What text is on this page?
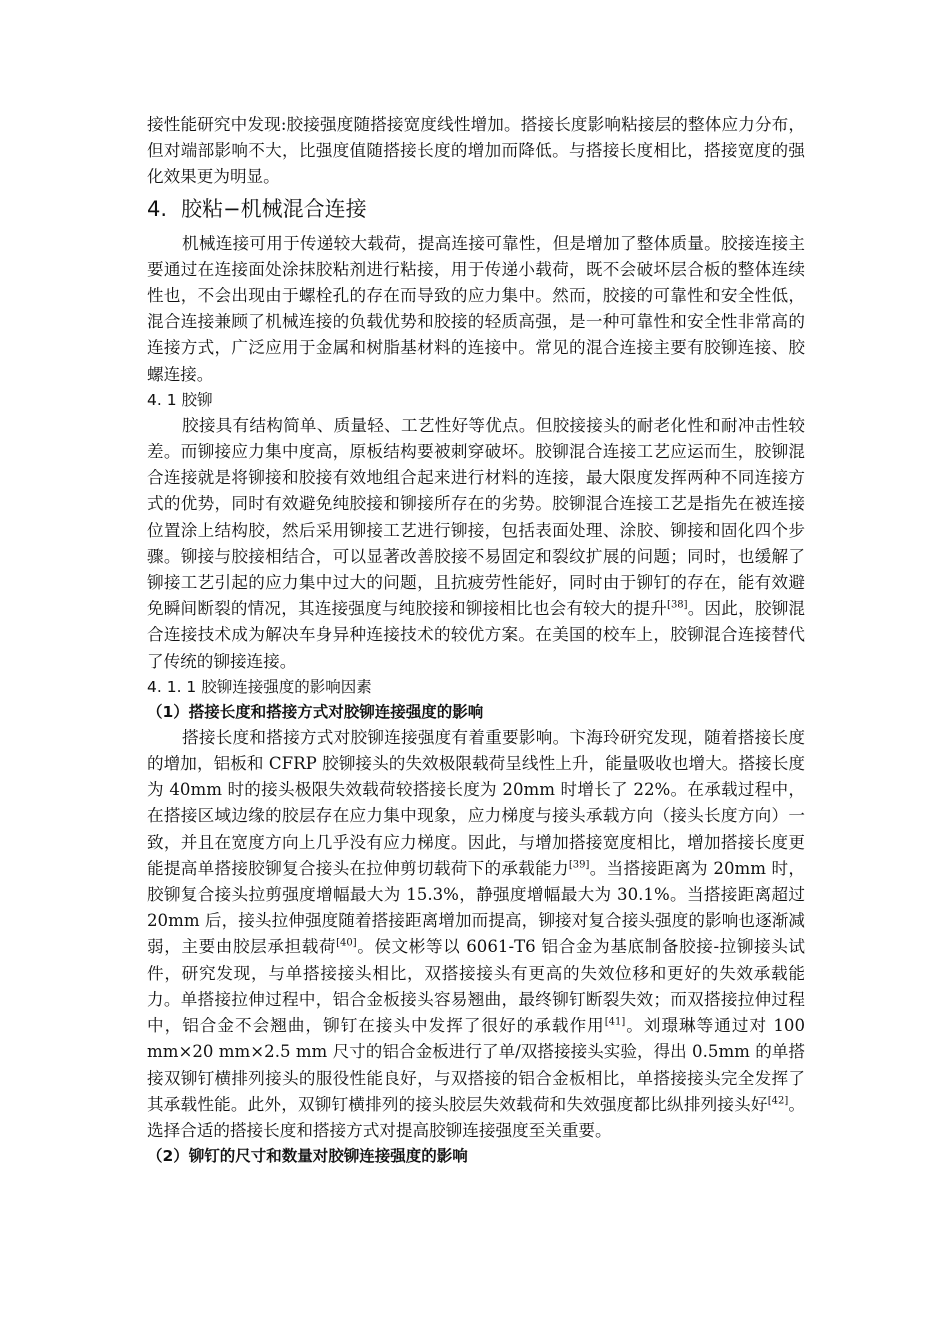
接性能研究中发现:胶接强度随搭接宽度线性增加。搭接长度影响粘接层的整体应力分布，但对端部影响不大，比强度值随搭接长度的增加而降低。与搭接长度相比，搭接宽度的强化效果更为明显。

4. 胶粘−机械混合连接

机械连接可用于传递较大载荷，提高连接可靠性，但是增加了整体质量。胶接连接主要通过在连接面处涂抹胶粘剂进行粘接，用于传递小载荷，既不会破坏层合板的整体连续性也，不会出现由于螺栓孔的存在而导致的应力集中。然而，胶接的可靠性和安全性低，混合连接兼顾了机械连接的负载优势和胶接的轻质高强，是一种可靠性和安全性非常高的连接方式，广泛应用于金属和树脂基材料的连接中。常见的混合连接主要有胶铆连接、胶螺连接。

4. 1 胶铆

胶接具有结构简单、质量轻、工艺性好等优点。但胶接接头的耐老化性和耐冲击性较差。而铆接应力集中度高，原板结构要被刺穿破坏。胶铆混合连接工艺应运而生，胶铆混合连接就是将铆接和胶接有效地组合起来进行材料的连接，最大限度发挥两种不同连接方式的优势，同时有效避免纯胶接和铆接所存在的劣势。胶铆混合连接工艺是指先在被连接位置涂上结构胶，然后采用铆接工艺进行铆接，包括表面处理、涂胶、铆接和固化四个步骤。铆接与胶接相结合，可以显著改善胶接不易固定和裂纹扩展的问题；同时，也缓解了铆接工艺引起的应力集中过大的问题，且抗疲劳性能好，同时由于铆钉的存在，能有效避免瞬间断裂的情况，其连接强度与纯胶接和铆接相比也会有较大的提升[38]。因此，胶铆混合连接技术成为解决车身异种连接技术的较优方案。在美国的校车上，胶铆混合连接替代了传统的铆接连接。

4. 1. 1 胶铆连接强度的影响因素
（1）搭接长度和搭接方式对胶铆连接强度的影响

搭接长度和搭接方式对胶铆连接强度有着重要影响。卞海玲研究发现，随着搭接长度的增加，铝板和 CFRP 胶铆接头的失效极限载荷呈线性上升，能量吸收也增大。搭接长度为 40mm 时的接头极限失效载荷较搭接长度为 20mm 时增长了 22%。在承载过程中，在搭接区域边缘的胶层存在应力集中现象，应力梯度与接头承载方向（接头长度方向）一致，并且在宽度方向上几乎没有应力梯度。因此，与增加搭接宽度相比，增加搭接长度更能提高单搭接胶铆复合接头在拉伸剪切载荷下的承载能力[39]。当搭接距离为 20mm 时，胶铆复合接头拉剪强度增幅最大为 15.3%，静强度增幅最大为 30.1%。当搭接距离超过 20mm 后，接头拉伸强度随着搭接距离增加而提高，铆接对复合接头强度的影响也逐渐减弱，主要由胶层承担载荷[40]。侯文彬等以 6061-T6 铝合金为基底制备胶接-拉铆接头试件，研究发现，与单搭接接头相比，双搭接接头有更高的失效位移和更好的失效承载能力。单搭接拉伸过程中，铝合金板接头容易翘曲，最终铆钉断裂失效；而双搭接拉伸过程中，铝合金不会翘曲，铆钉在接头中发挥了很好的承载作用[41]。刘璟琳等通过对 100 mm×20 mm×2.5 mm 尺寸的铝合金板进行了单/双搭接接头实验，得出 0.5mm 的单搭接双铆钉横排列接头的服役性能良好，与双搭接的铝合金板相比，单搭接接头完全发挥了其承载性能。此外，双铆钉横排列的接头胶层失效载荷和失效强度都比纵排列接头好[42]。选择合适的搭接长度和搭接方式对提高胶铆连接强度至关重要。

（2）铆钉的尺寸和数量对胶铆连接强度的影响
